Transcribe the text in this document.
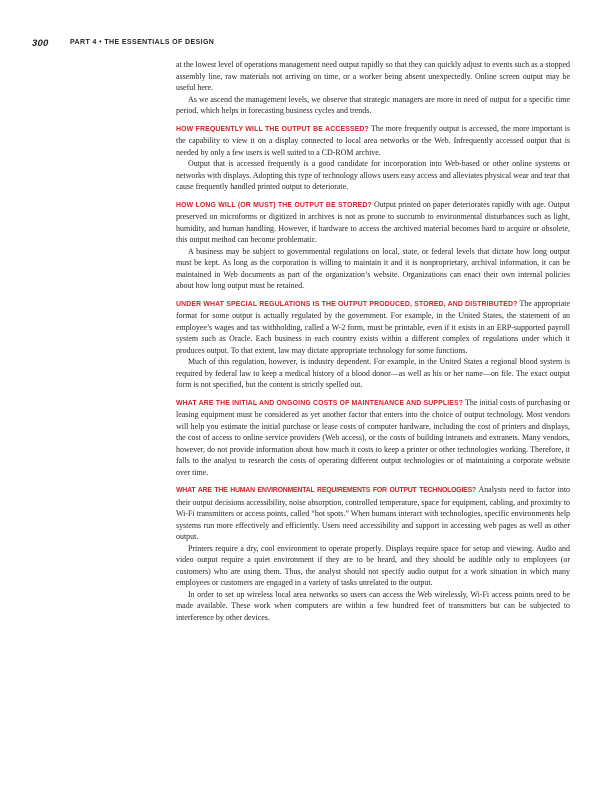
300	PART 4 • THE ESSENTIALS OF DESIGN

at the lowest level of operations management need output rapidly so that they can quickly adjust to events such as a stopped assembly line, raw materials not arriving on time, or a worker being absent unexpectedly. Online screen output may be useful here.

As we ascend the management levels, we observe that strategic managers are more in need of output for a specific time period, which helps in forecasting business cycles and trends.

HOW FREQUENTLY WILL THE OUTPUT BE ACCESSED? The more frequently output is accessed, the more important is the capability to view it on a display connected to local area networks or the Web. Infrequently accessed output that is needed by only a few users is well suited to a CD-ROM archive.

Output that is accessed frequently is a good candidate for incorporation into Web-based or other online systems or networks with displays. Adopting this type of technology allows users easy access and alleviates physical wear and tear that cause frequently handled printed output to deteriorate.

HOW LONG WILL (OR MUST) THE OUTPUT BE STORED? Output printed on paper deteriorates rapidly with age. Output preserved on microforms or digitized in archives is not as prone to succumb to environmental disturbances such as light, humidity, and human handling. However, if hardware to access the archived material becomes hard to acquire or obsolete, this output method can become problematic.

A business may be subject to governmental regulations on local, state, or federal levels that dictate how long output must be kept. As long as the corporation is willing to maintain it and it is nonproprietary, archival information, it can be maintained in Web documents as part of the organization’s website. Organizations can enact their own internal policies about how long output must be retained.

UNDER WHAT SPECIAL REGULATIONS IS THE OUTPUT PRODUCED, STORED, AND DISTRIBUTED? The appropriate format for some output is actually regulated by the government. For example, in the United States, the statement of an employee’s wages and tax withholding, called a W-2 form, must be printable, even if it exists in an ERP-supported payroll system such as Oracle. Each business in each country exists within a different complex of regulations under which it produces output. To that extent, law may dictate appropriate technology for some functions.

Much of this regulation, however, is industry dependent. For example, in the United States a regional blood system is required by federal law to keep a medical history of a blood donor—as well as his or her name—on file. The exact output form is not specified, but the content is strictly spelled out.

WHAT ARE THE INITIAL AND ONGOING COSTS OF MAINTENANCE AND SUPPLIES? The initial costs of purchasing or leasing equipment must be considered as yet another factor that enters into the choice of output technology. Most vendors will help you estimate the initial purchase or lease costs of computer hardware, including the cost of printers and displays, the cost of access to online service providers (Web access), or the costs of building intranets and extranets. Many vendors, however, do not provide information about how much it costs to keep a printer or other technologies working. Therefore, it falls to the analyst to research the costs of operating different output technologies or of maintaining a corporate website over time.

WHAT ARE THE HUMAN ENVIRONMENTAL REQUIREMENTS FOR OUTPUT TECHNOLOGIES? Analysts need to factor into their output decisions accessibility, noise absorption, controlled temperature, space for equipment, cabling, and proximity to Wi-Fi transmitters or access points, called “hot spots.” When humans interact with technologies, specific environments help systems run more effectively and efficiently. Users need accessibility and support in accessing web pages as well as other output.

Printers require a dry, cool environment to operate properly. Displays require space for setup and viewing. Audio and video output require a quiet environment if they are to be heard, and they should be audible only to employees (or customers) who are using them. Thus, the analyst should not specify audio output for a work situation in which many employees or customers are engaged in a variety of tasks unrelated to the output.

In order to set up wireless local area networks so users can access the Web wirelessly, Wi-Fi access points need to be made available. These work when computers are within a few hundred feet of transmitters but can be subjected to interference by other devices.
